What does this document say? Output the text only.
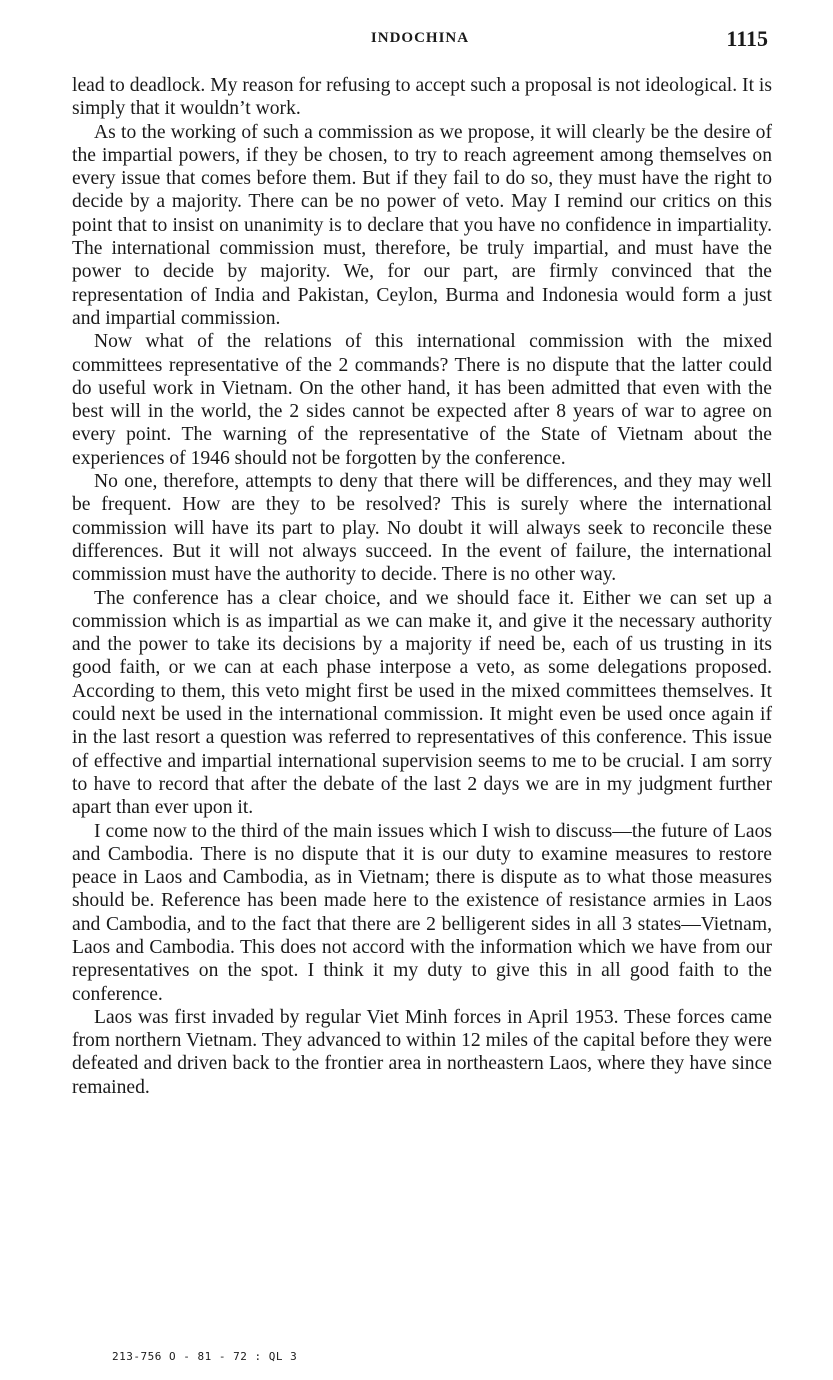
INDOCHINA	1115

lead to deadlock. My reason for refusing to accept such a proposal is not ideological. It is simply that it wouldn’t work.

As to the working of such a commission as we propose, it will clearly be the desire of the impartial powers, if they be chosen, to try to reach agreement among themselves on every issue that comes before them. But if they fail to do so, they must have the right to decide by a majority. There can be no power of veto. May I remind our critics on this point that to insist on unanimity is to declare that you have no confidence in impartiality. The international commission must, therefore, be truly impartial, and must have the power to decide by majority. We, for our part, are firmly convinced that the representation of India and Pakistan, Ceylon, Burma and Indonesia would form a just and impartial commission.

Now what of the relations of this international commission with the mixed committees representative of the 2 commands? There is no dispute that the latter could do useful work in Vietnam. On the other hand, it has been admitted that even with the best will in the world, the 2 sides cannot be expected after 8 years of war to agree on every point. The warning of the representative of the State of Vietnam about the experiences of 1946 should not be forgotten by the conference.

No one, therefore, attempts to deny that there will be differences, and they may well be frequent. How are they to be resolved? This is surely where the international commission will have its part to play. No doubt it will always seek to reconcile these differences. But it will not always succeed. In the event of failure, the international commission must have the authority to decide. There is no other way.

The conference has a clear choice, and we should face it. Either we can set up a commission which is as impartial as we can make it, and give it the necessary authority and the power to take its decisions by a majority if need be, each of us trusting in its good faith, or we can at each phase interpose a veto, as some delegations proposed. According to them, this veto might first be used in the mixed committees themselves. It could next be used in the international commission. It might even be used once again if in the last resort a question was referred to representatives of this conference. This issue of effective and impartial international supervision seems to me to be crucial. I am sorry to have to record that after the debate of the last 2 days we are in my judgment further apart than ever upon it.

I come now to the third of the main issues which I wish to discuss—the future of Laos and Cambodia. There is no dispute that it is our duty to examine measures to restore peace in Laos and Cambodia, as in Vietnam; there is dispute as to what those measures should be. Reference has been made here to the existence of resistance armies in Laos and Cambodia, and to the fact that there are 2 belligerent sides in all 3 states—Vietnam, Laos and Cambodia. This does not accord with the information which we have from our representatives on the spot. I think it my duty to give this in all good faith to the conference.

Laos was first invaded by regular Viet Minh forces in April 1953. These forces came from northern Vietnam. They advanced to within 12 miles of the capital before they were defeated and driven back to the frontier area in northeastern Laos, where they have since remained.

213-756 O - 81 - 72 : QL 3
